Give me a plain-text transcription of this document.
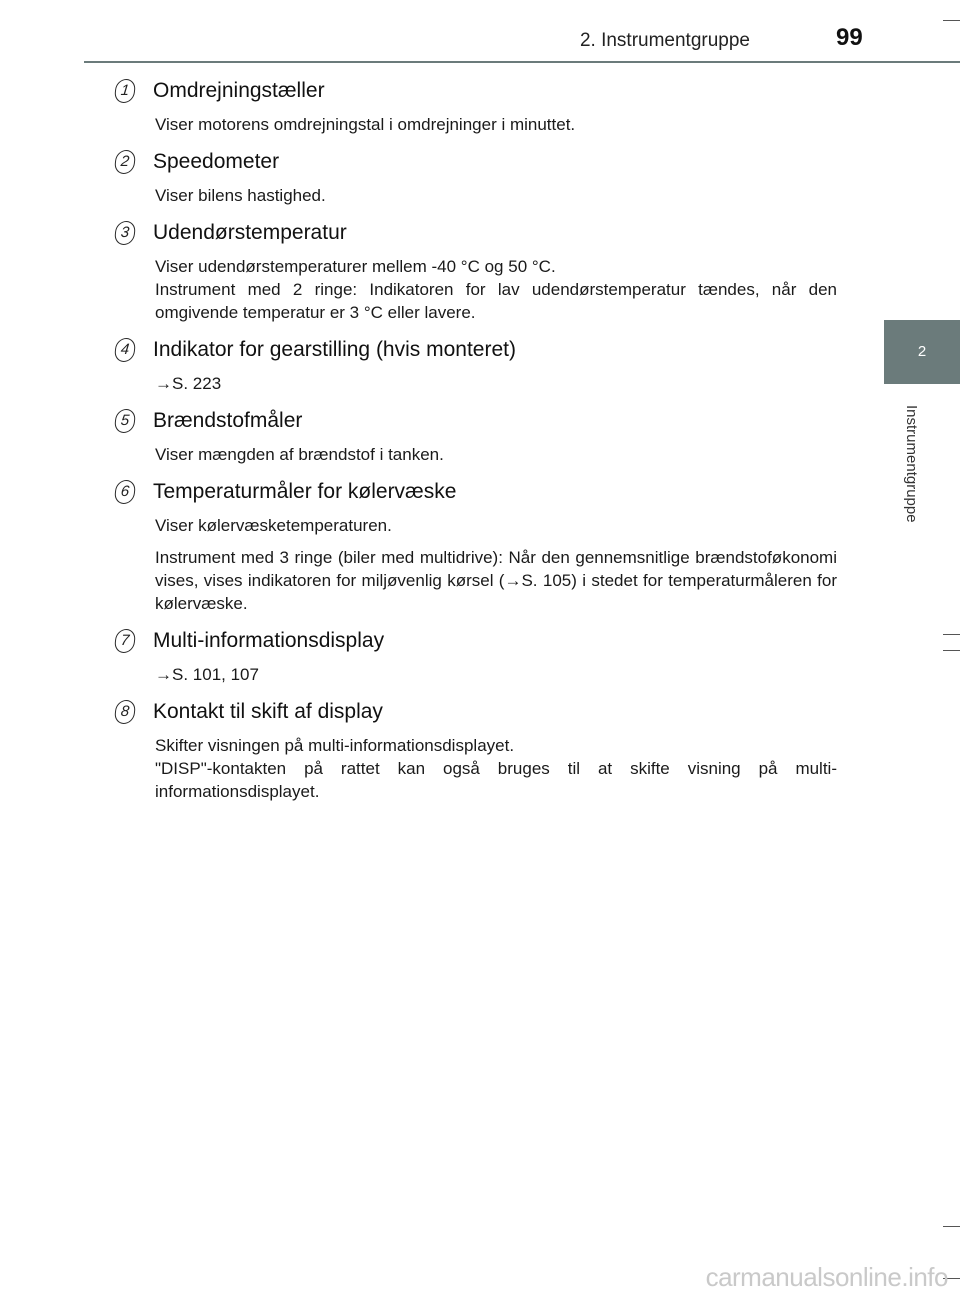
2. Instrumentgruppe	99
2
Instrumentgruppe
1 Omdrejningstæller
Viser motorens omdrejningstal i omdrejninger i minuttet.
2 Speedometer
Viser bilens hastighed.
3 Udendørstemperatur
Viser udendørstemperaturer mellem -40 °C og 50 °C.
Instrument med 2 ringe: Indikatoren for lav udendørstemperatur tændes, når den omgivende temperatur er 3 °C eller lavere.
4 Indikator for gearstilling (hvis monteret)
→S. 223
5 Brændstofmåler
Viser mængden af brændstof i tanken.
6 Temperaturmåler for kølervæske
Viser kølervæsketemperaturen.
Instrument med 3 ringe (biler med multidrive): Når den gennemsnitlige brændstoføkonomi vises, vises indikatoren for miljøvenlig kørsel (→S. 105) i stedet for temperaturmåleren for kølervæske.
7 Multi-informationsdisplay
→S. 101, 107
8 Kontakt til skift af display
Skifter visningen på multi-informationsdisplayet.
"DISP"-kontakten på rattet kan også bruges til at skifte visning på multi-informationsdisplayet.
carmanualsonline.info
